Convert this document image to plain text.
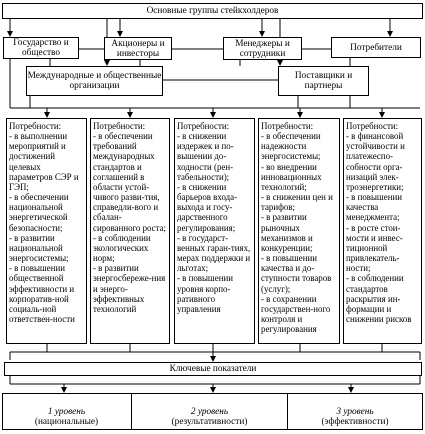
Основные группы стейкхолдеров
Государство и общество
Акционеры и инвесторы
Менеджеры и сотрудники
Потребители
Международные и общественные организации
Поставщики и партнеры
Потребности:
- в выполнении мероприятий и достижений целевых параметров СЭР и ГЭП;
- в обеспечении национальной энергетической безопасности;
- в развитии национальной энергосистемы;
- в повышении общественной эффективности и корпоратив-ной социаль-ной ответствен-ности
Потребности:
- в обеспечении требований международных стандартов и соглашений в области устой-чивого разви-тия, справедли-вого и сбалан-сированного роста;
- в соблюдении экологических норм;
- в развитии энергосбереже-ния и энерго-эффективных технологий
Потребности:
- в снижении издержек и по-вышении до-ходности (рен-табельности);
- в снижении барьеров входа-выхода и госу-дарственного регулирования;
- в государст-венных гаран-тиях, мерах поддержки и льготах;
- в повышении уровня корпо-ративного управления
Потребности:
- в обеспечении надежности энергосистемы;
- во внедрении инновационных технологий;
- в снижении цен и тарифов;
- в развитии рыночных механизмов и конкуренции;
- в повышении качества и до-ступности товаров (услуг);
- в сохранении государствен-ного контроля и регулирования
Потребности:
- в финансовой устойчивости и платежеспо-собности орга-низаций элек-троэнергетики;
- в повышении качества менеджмента;
- в росте стои-мости и инвес-тиционной привлекатель-ности;
- в соблюдении стандартов раскрытия ин-формации и снижении рисков
Ключевые показатели
1 уровень
(национальные)
2 уровень
(результативности)
3 уровень
(эффективности)
